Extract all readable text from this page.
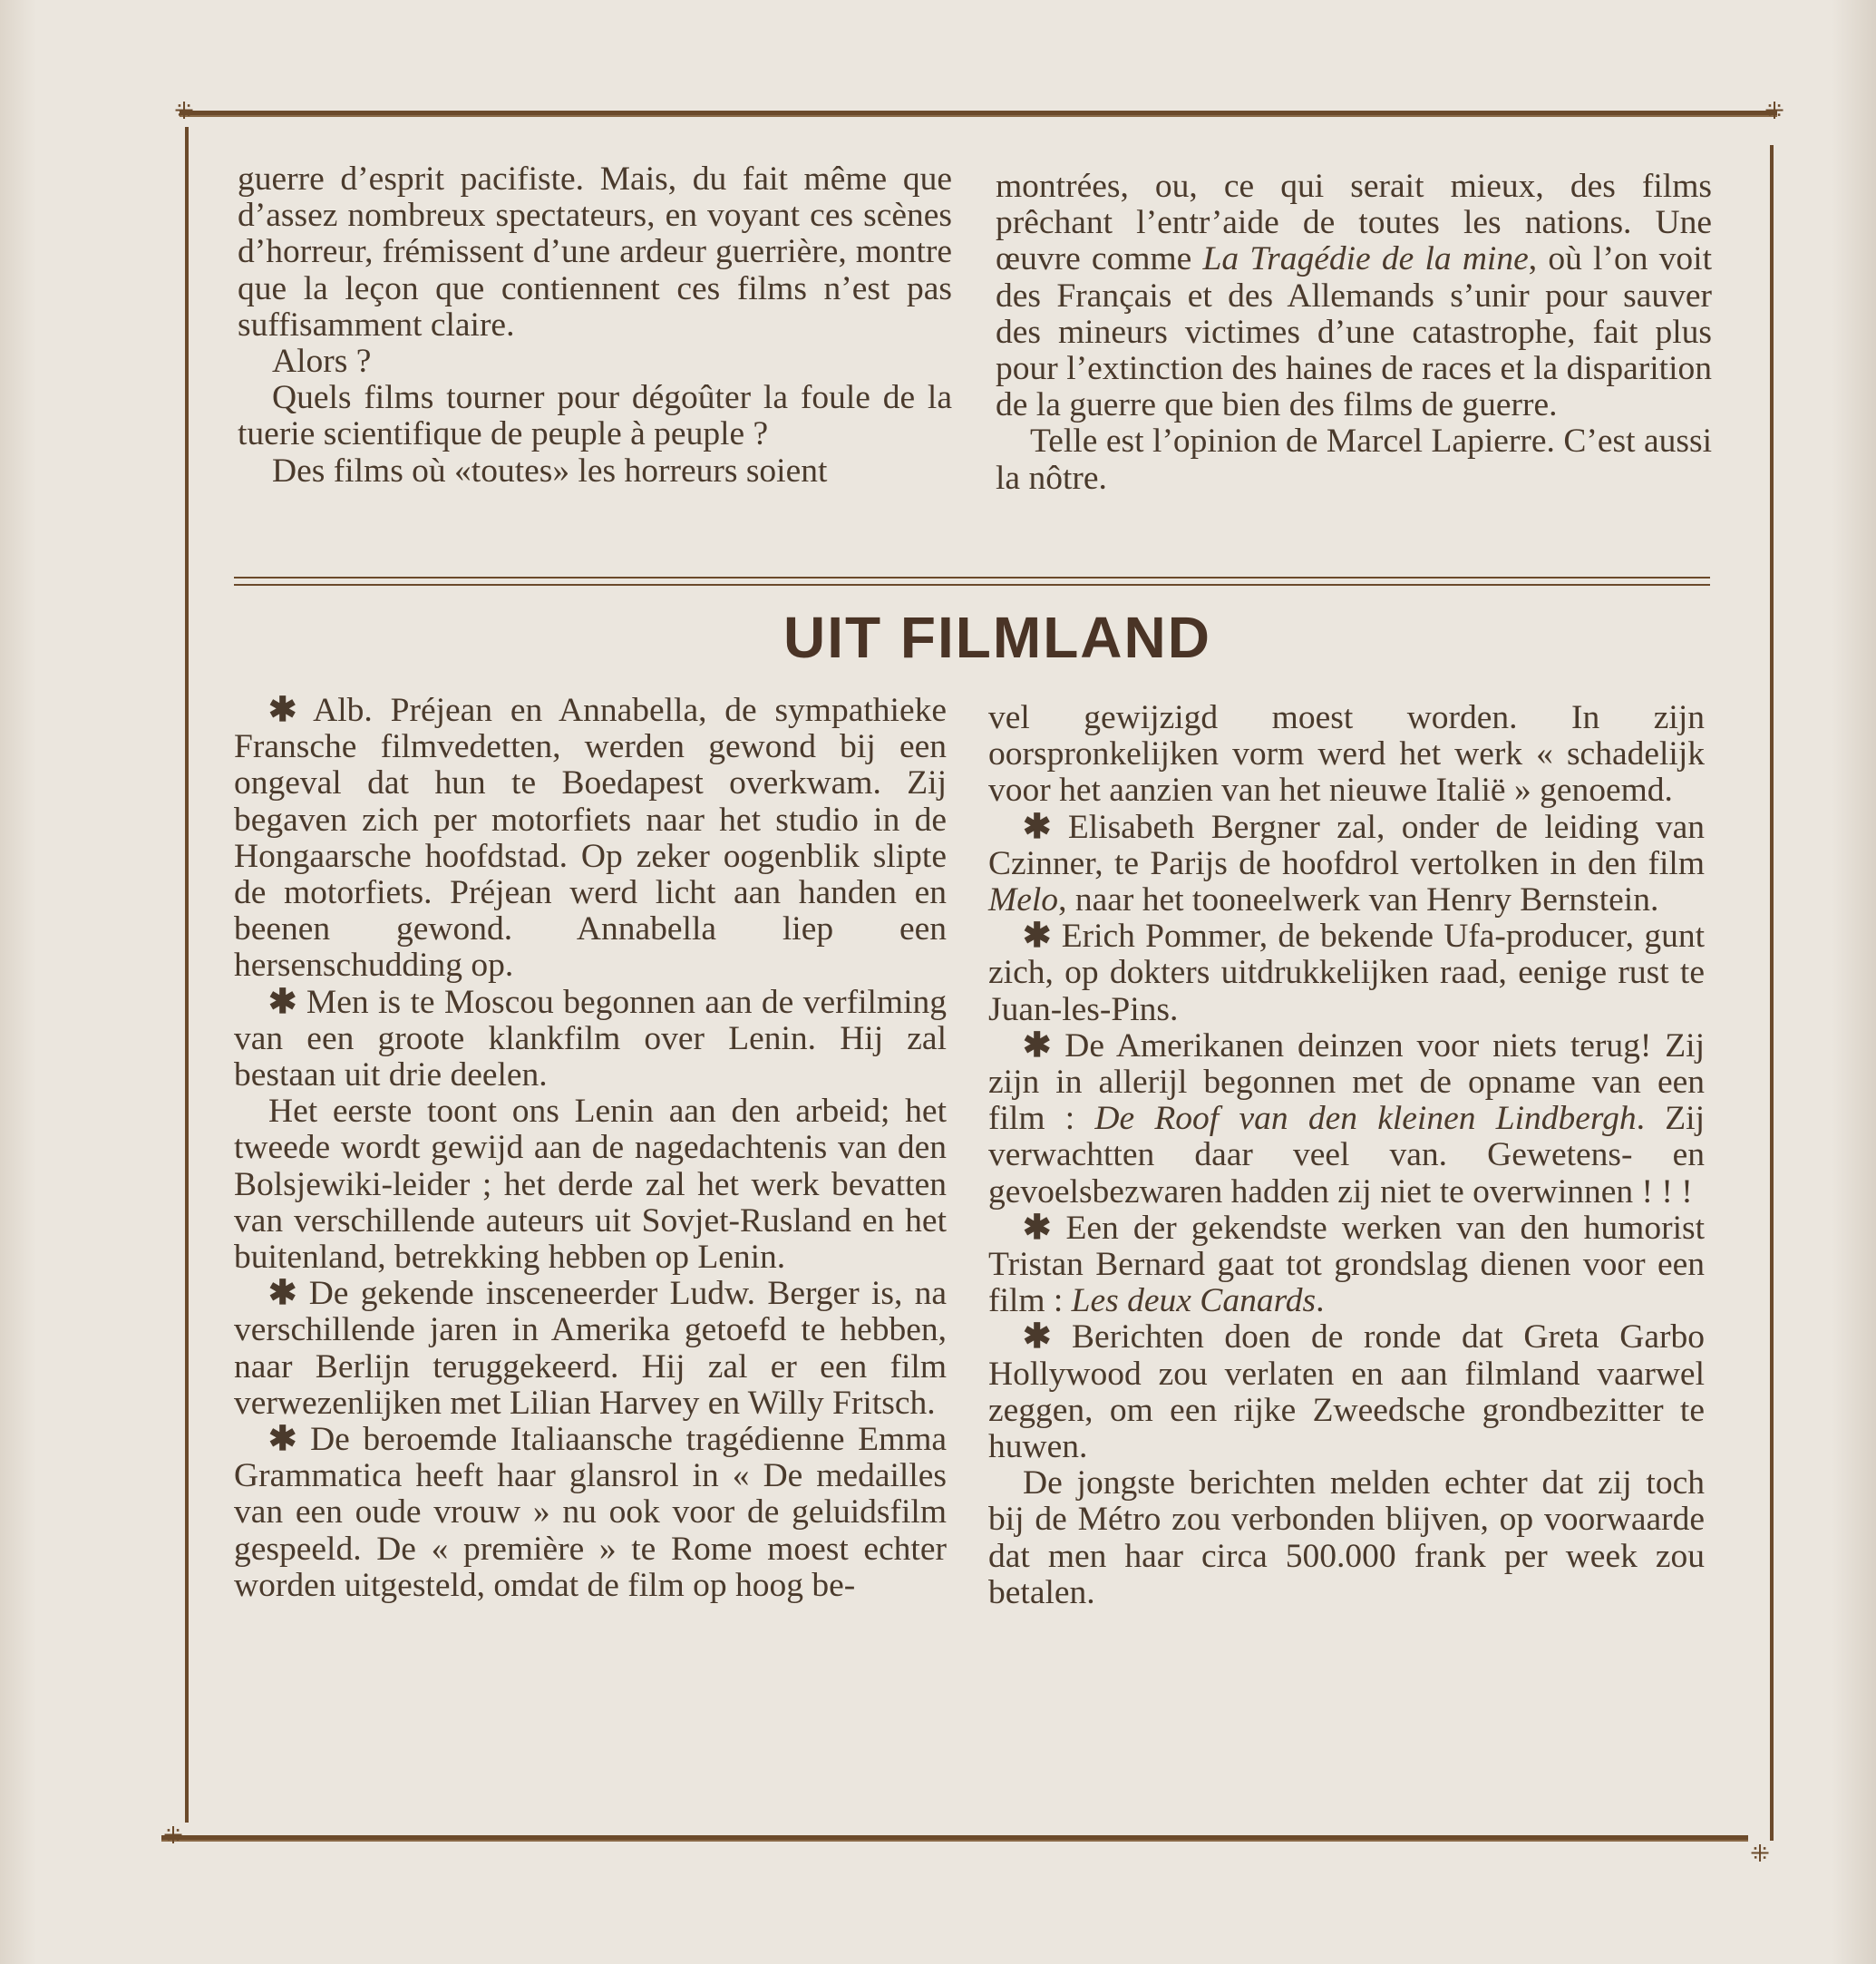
⁜	⁜
⁜
⁜

guerre d’esprit pacifiste. Mais, du fait même que d’assez nombreux spectateurs, en voyant ces scènes d’horreur, frémissent d’une ardeur guerrière, montre que la leçon que contiennent ces films n’est pas suffisamment claire.

Alors ?

Quels films tourner pour dégoûter la foule de la tuerie scientifique de peuple à peuple ?

Des films où «toutes» les horreurs soient

montrées, ou, ce qui serait mieux, des films prêchant l’entr’aide de toutes les nations. Une œuvre comme La Tragédie de la mine, où l’on voit des Français et des Allemands s’unir pour sauver des mineurs victimes d’une catastrophe, fait plus pour l’extinction des haines de races et la disparition de la guerre que bien des films de guerre.

Telle est l’opinion de Marcel Lapierre. C’est aussi la nôtre.

UIT FILMLAND

✱ Alb. Préjean en Annabella, de sympathieke Fransche filmvedetten, werden gewond bij een ongeval dat hun te Boedapest overkwam. Zij begaven zich per motorfiets naar het studio in de Hongaarsche hoofdstad. Op zeker oogenblik slipte de motorfiets. Préjean werd licht aan handen en beenen gewond. Annabella liep een hersenschudding op.

✱ Men is te Moscou begonnen aan de verfilming van een groote klankfilm over Lenin. Hij zal bestaan uit drie deelen.

Het eerste toont ons Lenin aan den arbeid; het tweede wordt gewijd aan de nagedachtenis van den Bolsjewiki-leider ; het derde zal het werk bevatten van verschillende auteurs uit Sovjet-Rusland en het buitenland, betrekking hebben op Lenin.

✱ De gekende insceneerder Ludw. Berger is, na verschillende jaren in Amerika getoefd te hebben, naar Berlijn teruggekeerd. Hij zal er een film verwezenlijken met Lilian Harvey en Willy Fritsch.

✱ De beroemde Italiaansche tragédienne Emma Grammatica heeft haar glansrol in « De medailles van een oude vrouw » nu ook voor de geluidsfilm gespeeld. De « première » te Rome moest echter worden uitgesteld, omdat de film op hoog be-

vel gewijzigd moest worden. In zijn oorspronkelijken vorm werd het werk « schadelijk voor het aanzien van het nieuwe Italië » genoemd.

✱ Elisabeth Bergner zal, onder de leiding van Czinner, te Parijs de hoofdrol vertolken in den film Melo, naar het tooneelwerk van Henry Bernstein.

✱ Erich Pommer, de bekende Ufa-producer, gunt zich, op dokters uitdrukkelijken raad, eenige rust te Juan-les-Pins.

✱ De Amerikanen deinzen voor niets terug! Zij zijn in allerijl begonnen met de opname van een film : De Roof van den kleinen Lindbergh. Zij verwachtten daar veel van. Gewetens- en gevoelsbezwaren hadden zij niet te overwinnen ! ! !

✱ Een der gekendste werken van den humorist Tristan Bernard gaat tot grondslag dienen voor een film : Les deux Canards.

✱ Berichten doen de ronde dat Greta Garbo Hollywood zou verlaten en aan filmland vaarwel zeggen, om een rijke Zweedsche grondbezitter te huwen.

De jongste berichten melden echter dat zij toch bij de Métro zou verbonden blijven, op voorwaarde dat men haar circa 500.000 frank per week zou betalen.
